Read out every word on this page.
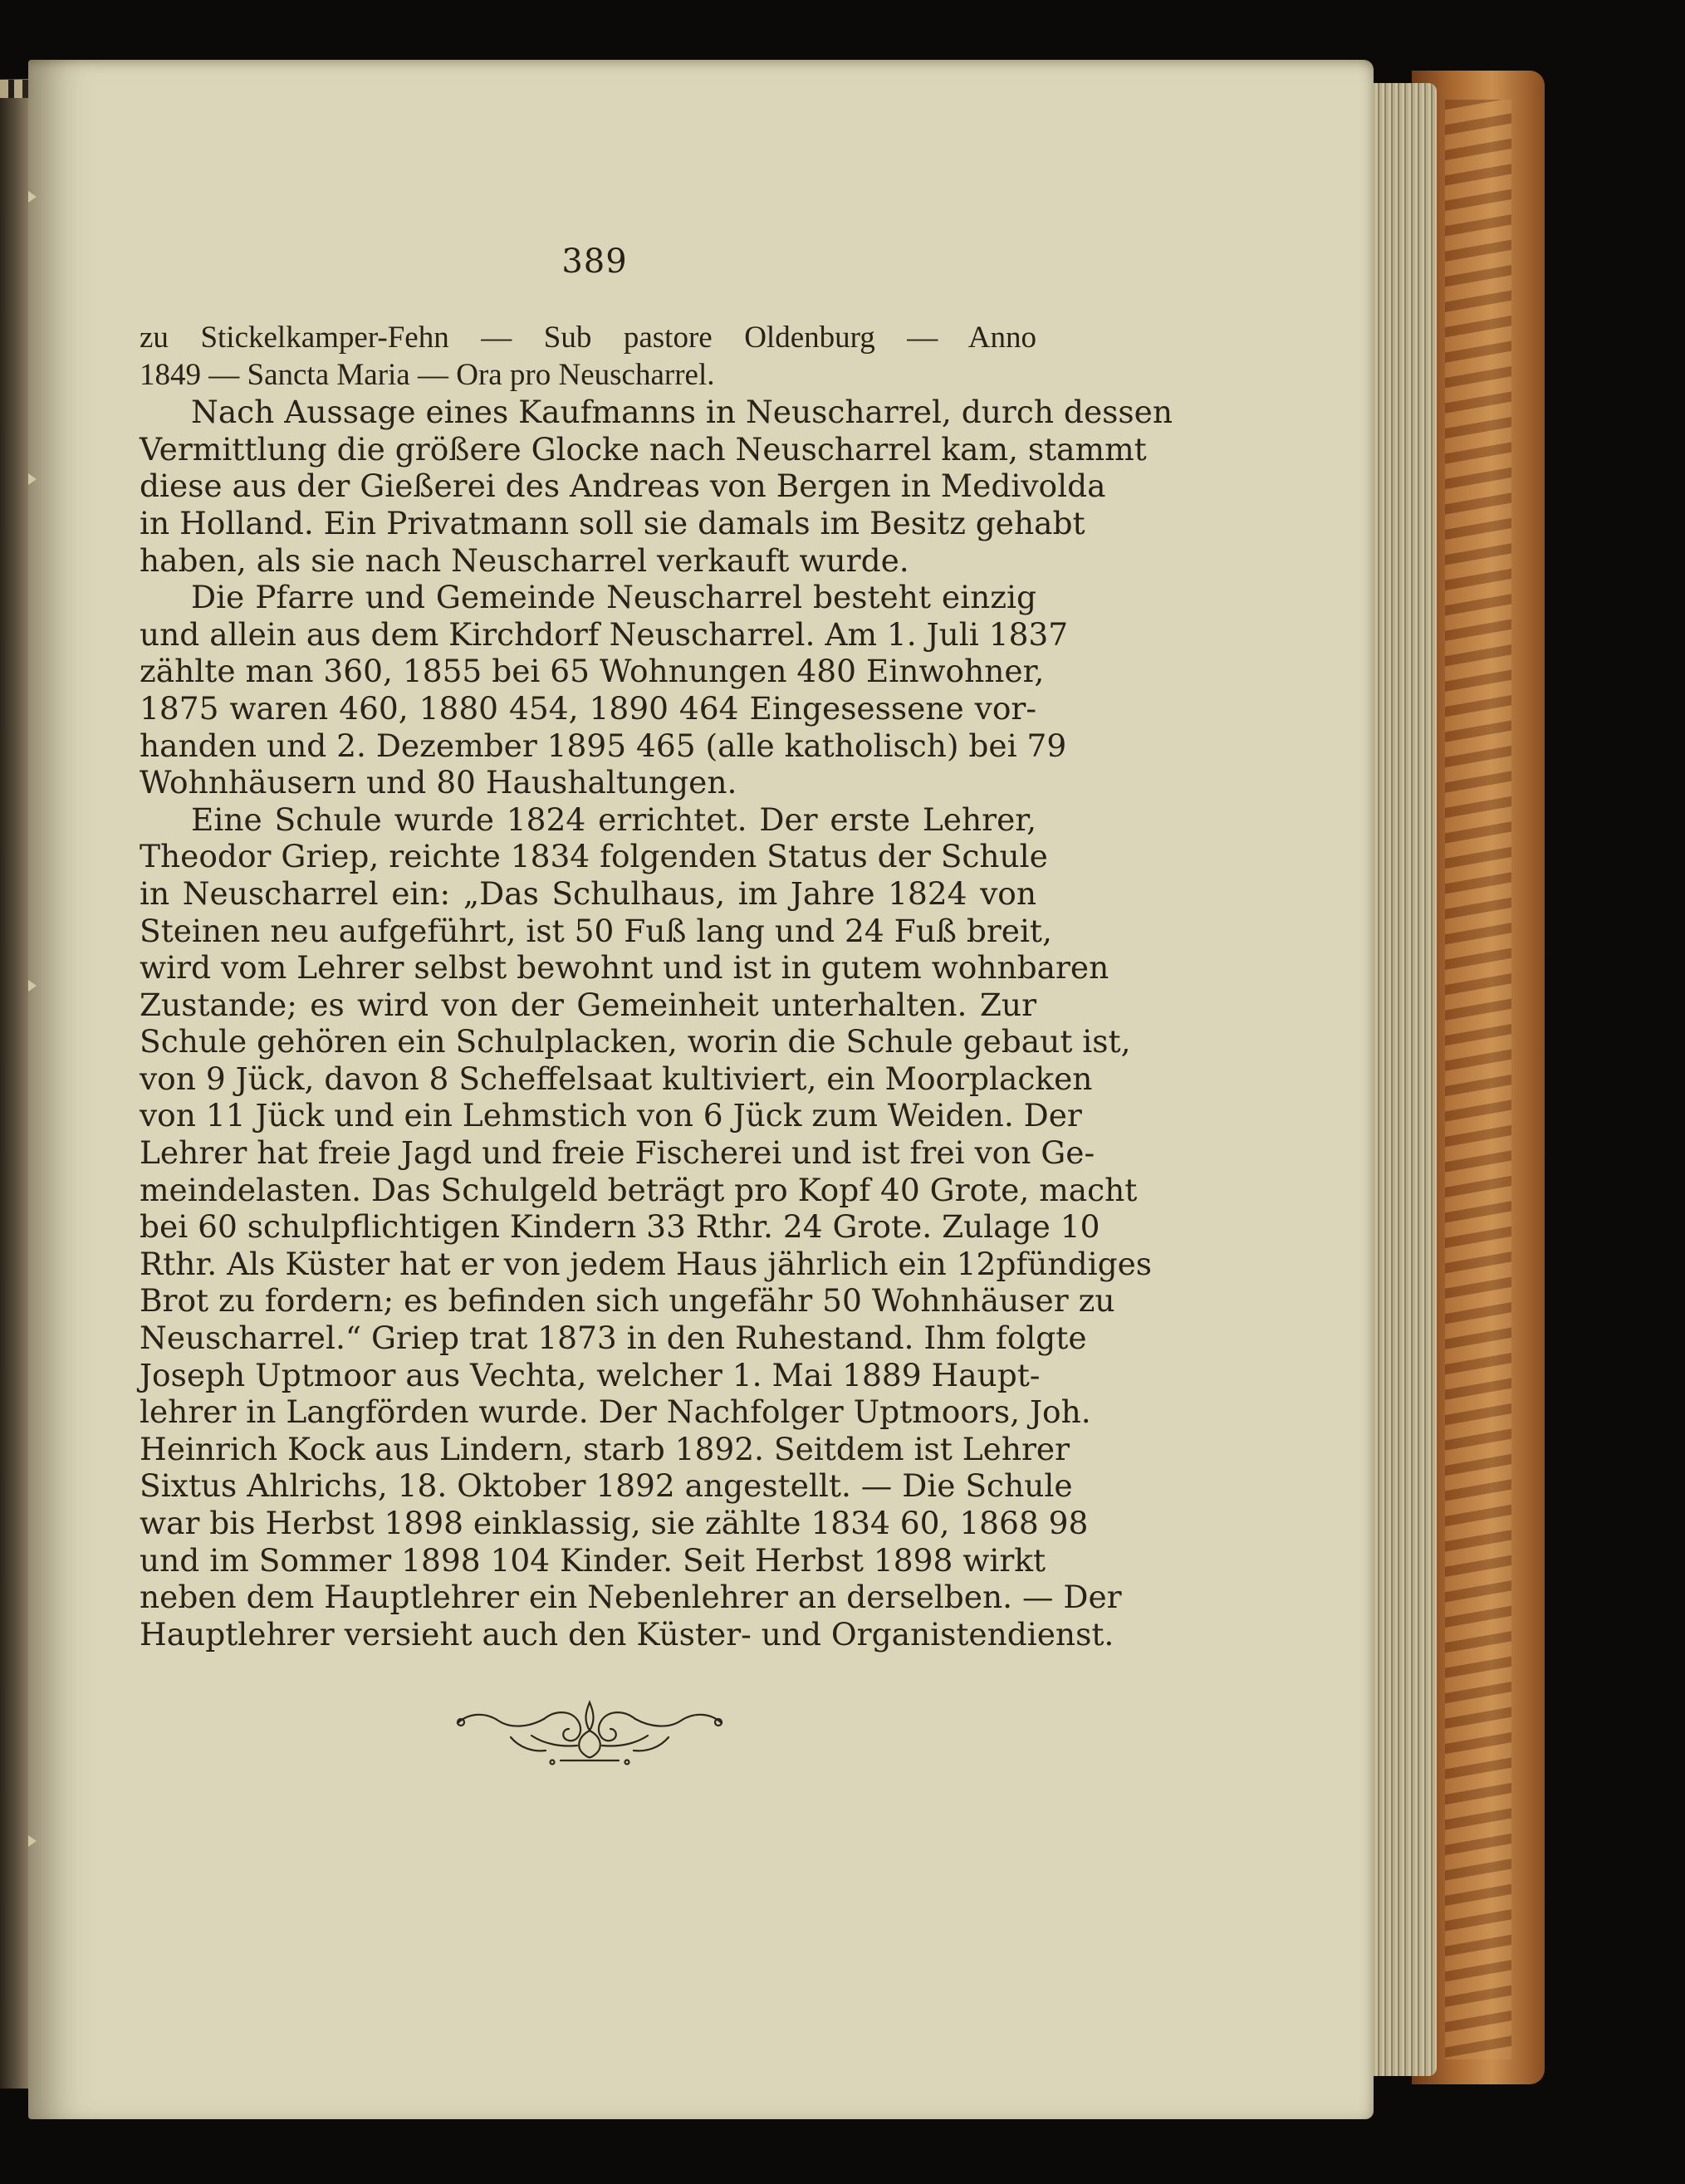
389
zu Stickelkamper-Fehn — Sub pastore Oldenburg — Anno
1849 — Sancta Maria — Ora pro Neuscharrel.
Nach Aussage eines Kaufmanns in Neuscharrel, durch dessen
Vermittlung die größere Glocke nach Neuscharrel kam, stammt
diese aus der Gießerei des Andreas von Bergen in Medivolda
in Holland. Ein Privatmann soll sie damals im Besitz gehabt
haben, als sie nach Neuscharrel verkauft wurde.
Die Pfarre und Gemeinde Neuscharrel besteht einzig
und allein aus dem Kirchdorf Neuscharrel. Am 1. Juli 1837
zählte man 360, 1855 bei 65 Wohnungen 480 Einwohner,
1875 waren 460, 1880 454, 1890 464 Eingesessene vor-
handen und 2. Dezember 1895 465 (alle katholisch) bei 79
Wohnhäusern und 80 Haushaltungen.
Eine Schule wurde 1824 errichtet. Der erste Lehrer,
Theodor Griep, reichte 1834 folgenden Status der Schule
in Neuscharrel ein: „Das Schulhaus, im Jahre 1824 von
Steinen neu aufgeführt, ist 50 Fuß lang und 24 Fuß breit,
wird vom Lehrer selbst bewohnt und ist in gutem wohnbaren
Zustande; es wird von der Gemeinheit unterhalten. Zur
Schule gehören ein Schulplacken, worin die Schule gebaut ist,
von 9 Jück, davon 8 Scheffelsaat kultiviert, ein Moorplacken
von 11 Jück und ein Lehmstich von 6 Jück zum Weiden. Der
Lehrer hat freie Jagd und freie Fischerei und ist frei von Ge-
meindelasten. Das Schulgeld beträgt pro Kopf 40 Grote, macht
bei 60 schulpflichtigen Kindern 33 Rthr. 24 Grote. Zulage 10
Rthr. Als Küster hat er von jedem Haus jährlich ein 12pfündiges
Brot zu fordern; es befinden sich ungefähr 50 Wohnhäuser zu
Neuscharrel.“ Griep trat 1873 in den Ruhestand. Ihm folgte
Joseph Uptmoor aus Vechta, welcher 1. Mai 1889 Haupt-
lehrer in Langförden wurde. Der Nachfolger Uptmoors, Joh.
Heinrich Kock aus Lindern, starb 1892. Seitdem ist Lehrer
Sixtus Ahlrichs, 18. Oktober 1892 angestellt. — Die Schule
war bis Herbst 1898 einklassig, sie zählte 1834 60, 1868 98
und im Sommer 1898 104 Kinder. Seit Herbst 1898 wirkt
neben dem Hauptlehrer ein Nebenlehrer an derselben. — Der
Hauptlehrer versieht auch den Küster- und Organistendienst.
